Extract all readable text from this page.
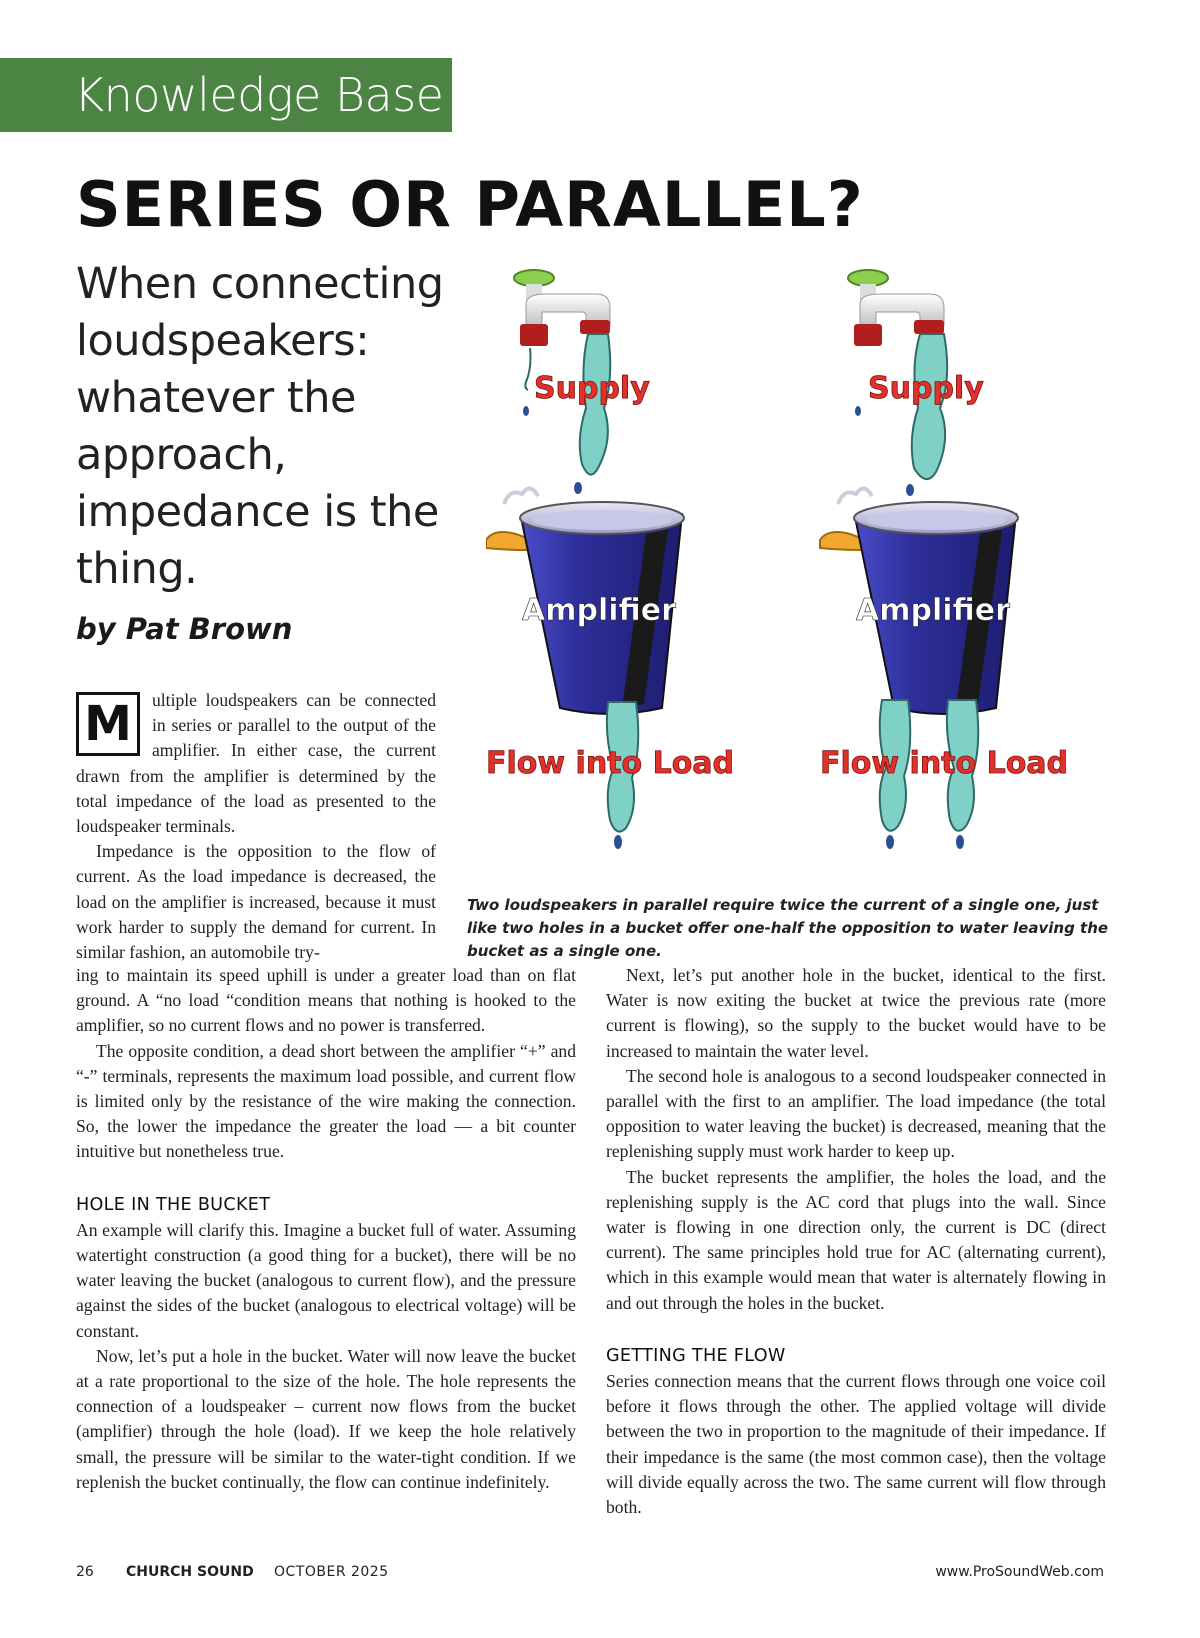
Knowledge Base
SERIES OR PARALLEL?
When connecting loudspeakers: whatever the approach, impedance is the thing.
by Pat Brown
M	ultiple loudspeakers can be connected in series or parallel to the output of the amplifier. In either case, the current drawn from the amplifier is determined by the total impedance of the load as presented to the loudspeaker terminals.

Impedance is the opposition to the flow of current. As the load impedance is decreased, the load on the amplifier is increased, because it must work harder to supply the demand for current. In similar fashion, an automobile try-

Supply
Amplifier
Flow into Load
Supply
Amplifier
Flow into Load

Two loudspeakers in parallel require twice the current of a single one, just like two holes in a bucket offer one-half the opposition to water leaving the bucket as a single one.

ing to maintain its speed uphill is under a greater load than on flat ground. A “no load “condition means that nothing is hooked to the amplifier, so no current flows and no power is transferred.

The opposite condition, a dead short between the amplifier “+” and “-” terminals, represents the maximum load possible, and current flow is limited only by the resistance of the wire making the connection. So, the lower the impedance the greater the load — a bit counter intuitive but nonetheless true.

HOLE IN THE BUCKET

An example will clarify this. Imagine a bucket full of water. Assuming watertight construction (a good thing for a bucket), there will be no water leaving the bucket (analogous to current flow), and the pressure against the sides of the bucket (analogous to electrical voltage) will be constant.

Now, let’s put a hole in the bucket. Water will now leave the bucket at a rate proportional to the size of the hole. The hole represents the connection of a loudspeaker – current now flows from the bucket (amplifier) through the hole (load). If we keep the hole relatively small, the pressure will be similar to the water-tight condition. If we replenish the bucket continually, the flow can continue indefinitely.

Next, let’s put another hole in the bucket, identical to the first. Water is now exiting the bucket at twice the previous rate (more current is flowing), so the supply to the bucket would have to be increased to maintain the water level.

The second hole is analogous to a second loudspeaker connected in parallel with the first to an amplifier. The load impedance (the total opposition to water leaving the bucket) is decreased, meaning that the replenishing supply must work harder to keep up.

The bucket represents the amplifier, the holes the load, and the replenishing supply is the AC cord that plugs into the wall. Since water is flowing in one direction only, the current is DC (direct current). The same principles hold true for AC (alternating current), which in this example would mean that water is alternately flowing in and out through the holes in the bucket.

GETTING THE FLOW

Series connection means that the current flows through one voice coil before it flows through the other. The applied voltage will divide between the two in proportion to the magnitude of their impedance. If their impedance is the same (the most common case), then the voltage will divide equally across the two. The same current will flow through both.

26 CHURCH SOUND OCTOBER 2025	www.ProSoundWeb.com
